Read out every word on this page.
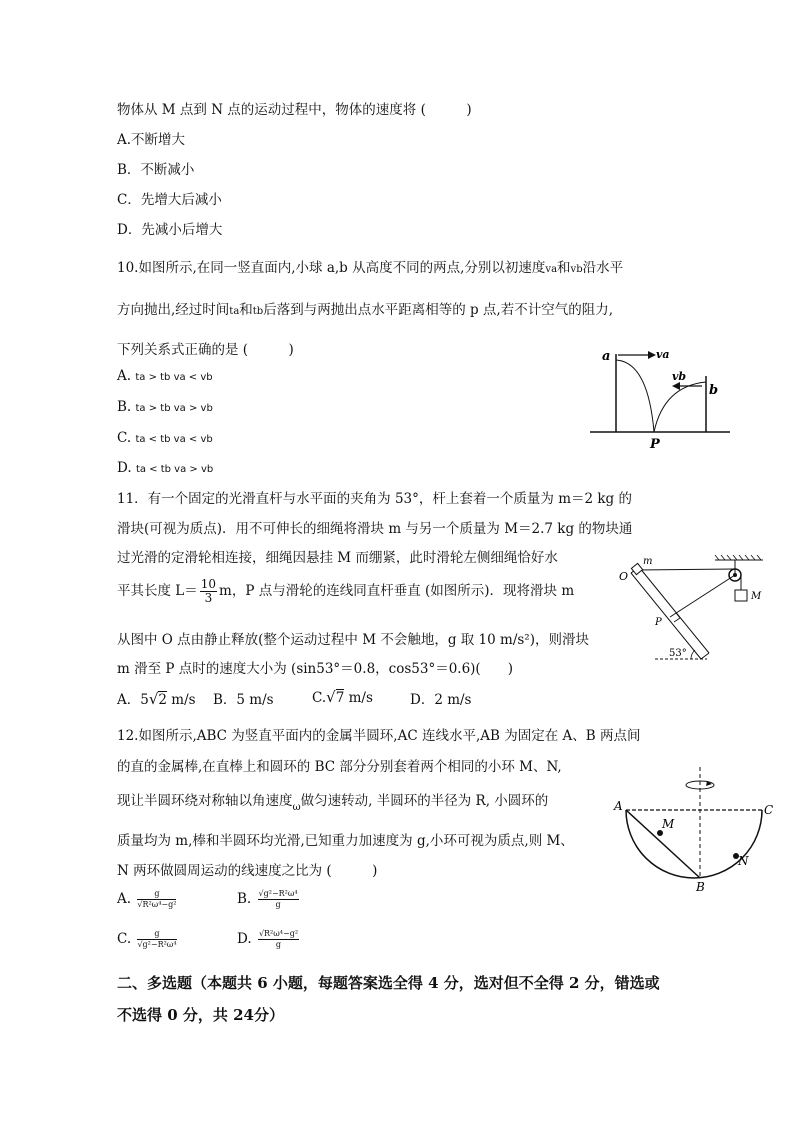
物体从 M 点到 N 点的运动过程中，物体的速度将 (　　　)
A.不断增大
B．不断减小
C．先增大后减小
D．先减小后增大
10.如图所示,在同一竖直面内,小球 a,b 从高度不同的两点,分别以初速度va和vb沿水平
方向抛出,经过时间ta和tb后落到与两抛出点水平距离相等的 p 点,若不计空气的阻力,
下列关系式正确的是 (　　　)
A. ta > tb va < vb
B. ta > tb va > vb
C. ta < tb va < vb
D. ta < tb va > vb
a	va
vb
b
P
11．有一个固定的光滑直杆与水平面的夹角为 53°，杆上套着一个质量为 m＝2 kg 的
滑块(可视为质点)．用不可伸长的细绳将滑块 m 与另一个质量为 M＝2.7 kg 的物块通
过光滑的定滑轮相连接，细绳因悬挂 M 而绷紧，此时滑轮左侧细绳恰好水
平其长度 $L= \frac{10}{3}$ m，P 点与滑轮的连线同直杆垂直 (如图所示)．现将滑块 m
从图中 O 点由静止释放(整个运动过程中 M 不会触地，g 取 10 m/s²)，则滑块
m 滑至 P 点时的速度大小为 (sin53°＝0.8，cos53°＝0.6)(　　)
A．5√2 m/s B．5 m/s	C.√7 m/s	D．2 m/s
m
O
P
M
53°
12.如图所示,ABC 为竖直平面内的金属半圆环,AC 连线水平,AB 为固定在 A、B 两点间
的直的金属棒,在直棒上和圆环的 BC 部分分别套着两个相同的小环 M、N,
现让半圆环绕对称轴以角速度$_\omega$做匀速转动, 半圆环的半径为 R, 小圆环的
质量均为 m,棒和半圆环均光滑,已知重力加速度为 g,小环可视为质点,则 M、
N 两环做圆周运动的线速度之比为 (　　　)
A. $\frac{g}{\text{√R²ω⁴−g²}}$	B. $\frac{\text{√g²−R²ω⁴}}{g}$
C. $\frac{g}{\text{√g²−R²ω⁴}}$	D. $\frac{\text{√R²ω⁴−g²}}{g}$
A	C
M
N
B
二、多选题（本题共 6 小题，每题答案选全得 4 分，选对但不全得 2 分，错选或
不选得 0 分，共 24分）
